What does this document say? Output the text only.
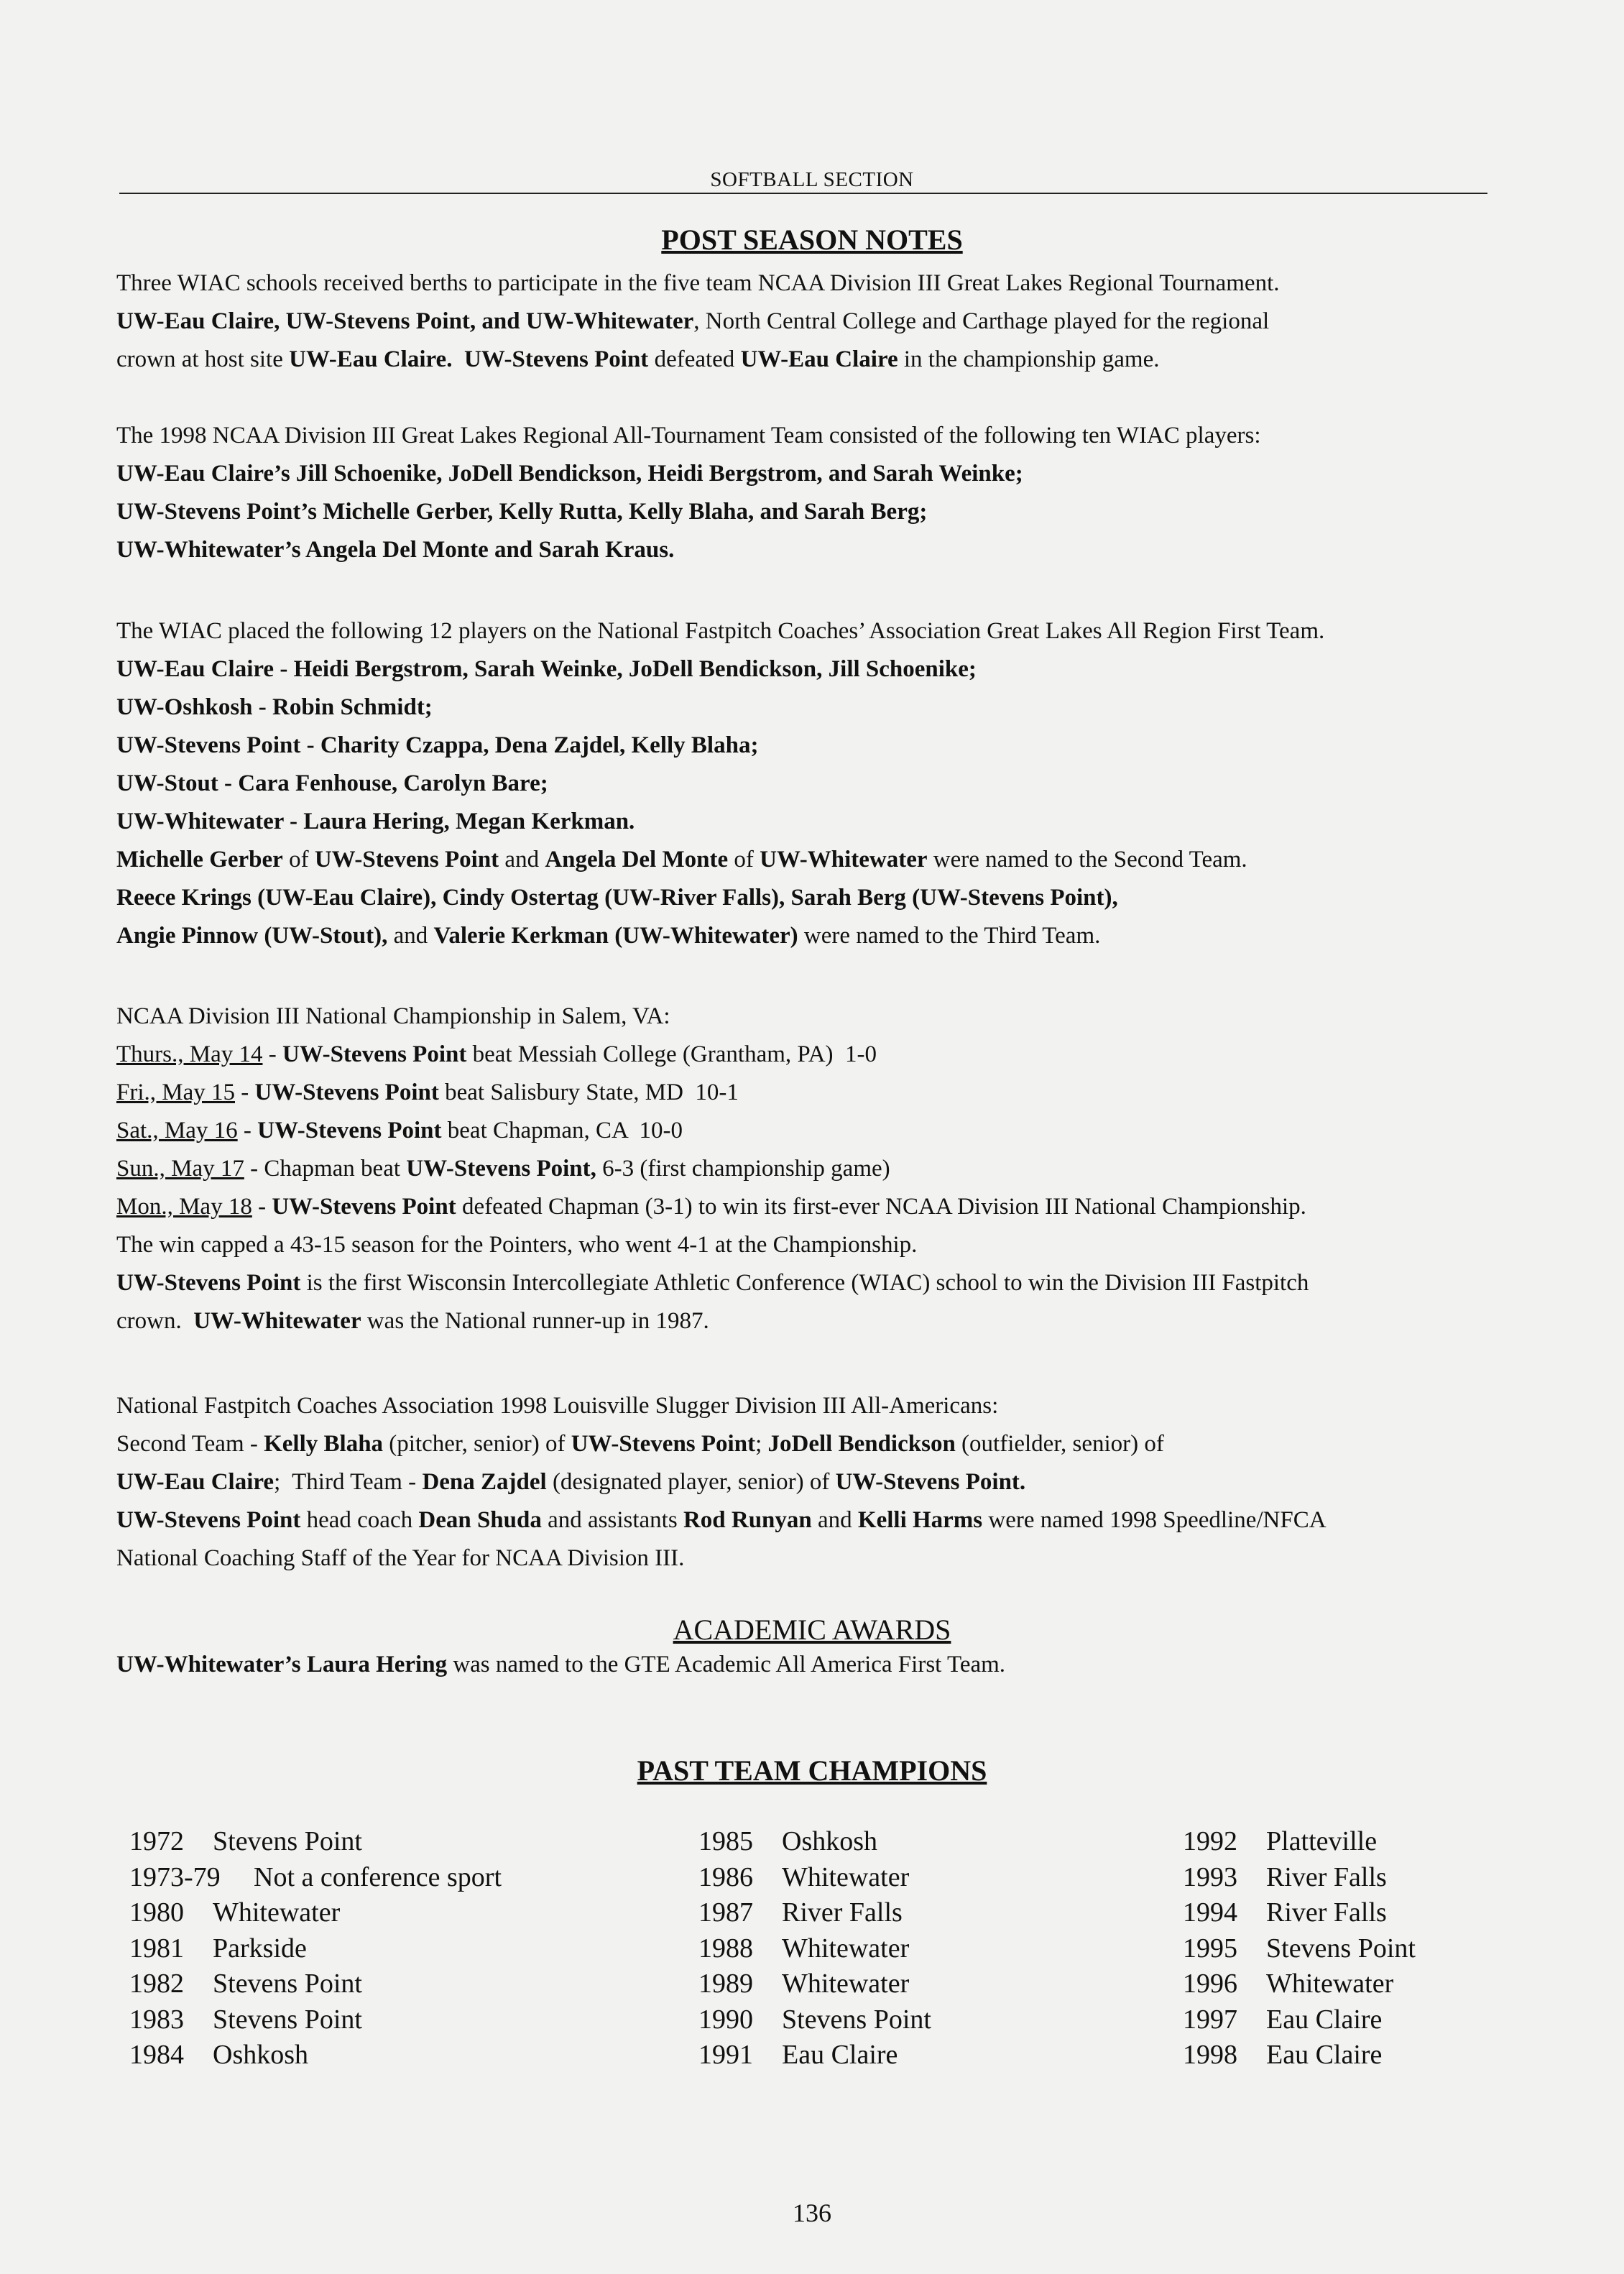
SOFTBALL SECTION
POST SEASON NOTES
Three WIAC schools received berths to participate in the five team NCAA Division III Great Lakes Regional Tournament.
UW-Eau Claire, UW-Stevens Point, and UW-Whitewater, North Central College and Carthage played for the regional
crown at host site UW-Eau Claire. UW-Stevens Point defeated UW-Eau Claire in the championship game.
The 1998 NCAA Division III Great Lakes Regional All-Tournament Team consisted of the following ten WIAC players:
UW-Eau Claire’s Jill Schoenike, JoDell Bendickson, Heidi Bergstrom, and Sarah Weinke;
UW-Stevens Point’s Michelle Gerber, Kelly Rutta, Kelly Blaha, and Sarah Berg;
UW-Whitewater’s Angela Del Monte and Sarah Kraus.
The WIAC placed the following 12 players on the National Fastpitch Coaches’ Association Great Lakes All Region First Team.
UW-Eau Claire - Heidi Bergstrom, Sarah Weinke, JoDell Bendickson, Jill Schoenike;
UW-Oshkosh - Robin Schmidt;
UW-Stevens Point - Charity Czappa, Dena Zajdel, Kelly Blaha;
UW-Stout - Cara Fenhouse, Carolyn Bare;
UW-Whitewater - Laura Hering, Megan Kerkman.
Michelle Gerber of UW-Stevens Point and Angela Del Monte of UW-Whitewater were named to the Second Team.
Reece Krings (UW-Eau Claire), Cindy Ostertag (UW-River Falls), Sarah Berg (UW-Stevens Point),
Angie Pinnow (UW-Stout), and Valerie Kerkman (UW-Whitewater) were named to the Third Team.
NCAA Division III National Championship in Salem, VA:
Thurs., May 14 - UW-Stevens Point beat Messiah College (Grantham, PA)  1-0
Fri., May 15 - UW-Stevens Point beat Salisbury State, MD  10-1
Sat., May 16 - UW-Stevens Point beat Chapman, CA  10-0
Sun., May 17 - Chapman beat UW-Stevens Point, 6-3 (first championship game)
Mon., May 18 - UW-Stevens Point defeated Chapman (3-1) to win its first-ever NCAA Division III National Championship.
The win capped a 43-15 season for the Pointers, who went 4-1 at the Championship.
UW-Stevens Point is the first Wisconsin Intercollegiate Athletic Conference (WIAC) school to win the Division III Fastpitch
crown.  UW-Whitewater was the National runner-up in 1987.
National Fastpitch Coaches Association 1998 Louisville Slugger Division III All-Americans:
Second Team - Kelly Blaha (pitcher, senior) of UW-Stevens Point; JoDell Bendickson (outfielder, senior) of
UW-Eau Claire;  Third Team - Dena Zajdel (designated player, senior) of UW-Stevens Point.
UW-Stevens Point head coach Dean Shuda and assistants Rod Runyan and Kelli Harms were named 1998 Speedline/NFCA
National Coaching Staff of the Year for NCAA Division III.
ACADEMIC AWARDS
UW-Whitewater’s Laura Hering was named to the GTE Academic All America First Team.
PAST TEAM CHAMPIONS
1972 Stevens Point
1973-79 Not a conference sport
1980 Whitewater
1981 Parkside
1982 Stevens Point
1983 Stevens Point
1984 Oshkosh
1985 Oshkosh
1986 Whitewater
1987 River Falls
1988 Whitewater
1989 Whitewater
1990 Stevens Point
1991 Eau Claire
1992 Platteville
1993 River Falls
1994 River Falls
1995 Stevens Point
1996 Whitewater
1997 Eau Claire
1998 Eau Claire
136
